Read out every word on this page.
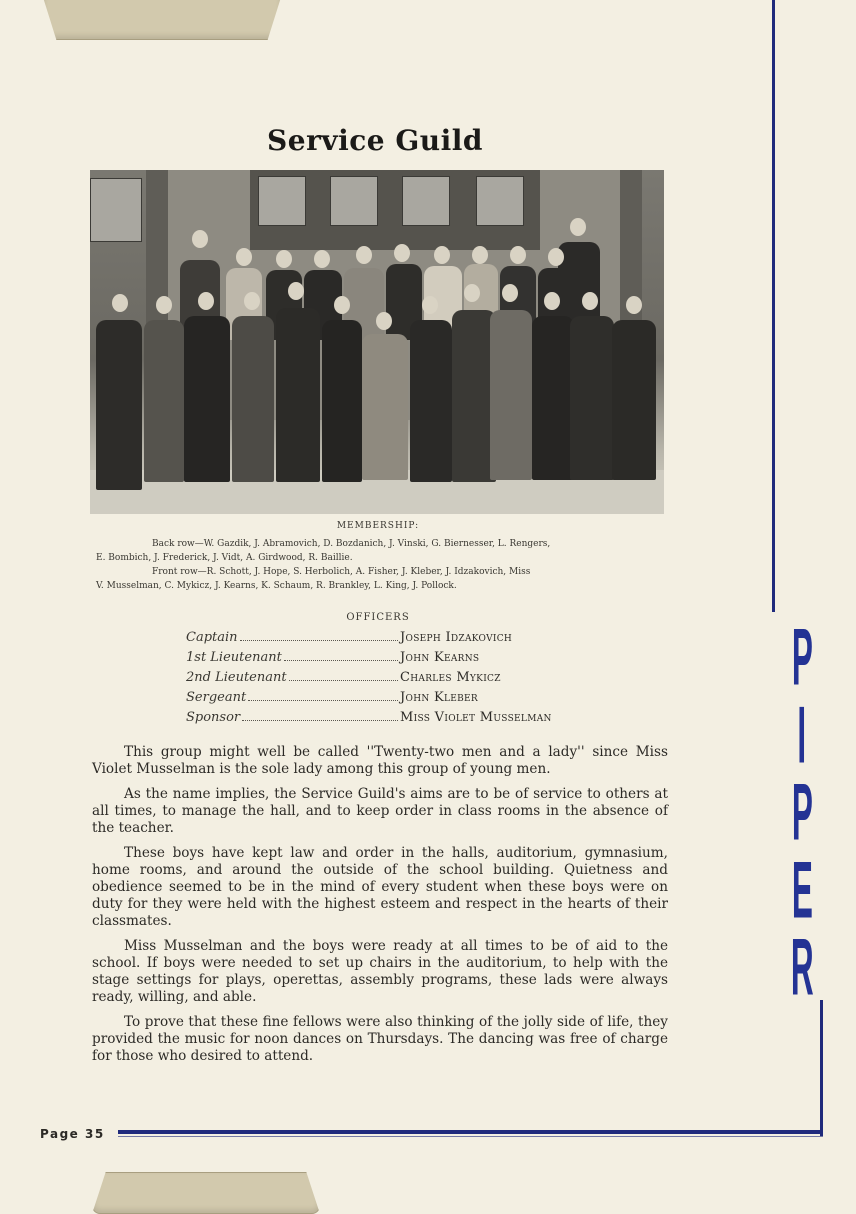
P
I
P
E
R
Service Guild
MEMBERSHIP:

Back row—W. Gazdik, J. Abramovich, D. Bozdanich, J. Vinski, G. Biernesser, L. Rengers,

E. Bombich, J. Frederick, J. Vidt, A. Girdwood, R. Baillie.

Front row—R. Schott, J. Hope, S. Herbolich, A. Fisher, J. Kleber, J. Idzakovich, Miss

V. Musselman, C. Mykicz, J. Kearns, K. Schaum, R. Brankley, L. King, J. Pollock.

OFFICERS
Captain	Joseph Idzakovich
1st Lieutenant	John Kearns
2nd Lieutenant	Charles Mykicz
Sergeant	John Kleber
Sponsor	Miss Violet Musselman

This group might well be called ''Twenty-two men and a lady'' since Miss Violet Musselman is the sole lady among this group of young men.

As the name implies, the Service Guild's aims are to be of service to others at all times, to manage the hall, and to keep order in class rooms in the absence of the teacher.

These boys have kept law and order in the halls, auditorium, gymnasium, home rooms, and around the outside of the school building. Quietness and obedience seemed to be in the mind of every student when these boys were on duty for they were held with the highest esteem and respect in the hearts of their classmates.

Miss Musselman and the boys were ready at all times to be of aid to the school. If boys were needed to set up chairs in the auditorium, to help with the stage settings for plays, operettas, assembly programs, these lads were always ready, willing, and able.

To prove that these fine fellows were also thinking of the jolly side of life, they provided the music for noon dances on Thursdays. The dancing was free of charge for those who desired to attend.

Page 35
